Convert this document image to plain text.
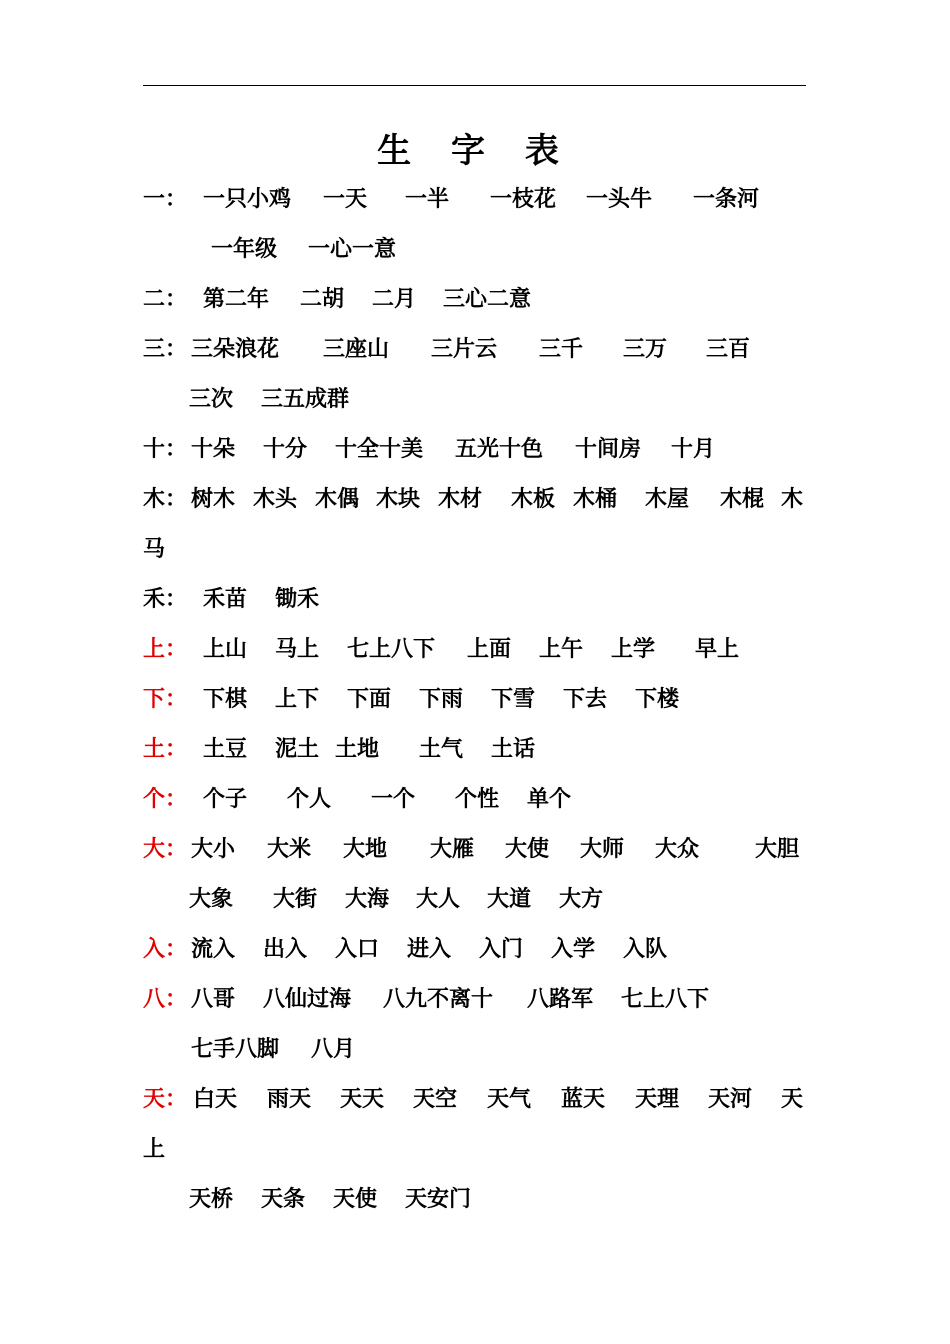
生 字 表
一 ： 一只小鸡 一天 一半 一枝花 一头牛 一条河
一年级 一心一意
二 ： 第二年 二胡 二月 三心二意
三 ： 三朵浪花 三座山 三片云 三千 三万 三百
三次 三五成群
十 ： 十朵 十分 十全十美 五光十色 十间房 十月
木 ： 树木 木头 木偶 木块 木材 木板 木桶 木屋 木棍 木
马
禾 ： 禾苗 锄禾
上 ： 上山 马上 七上八下 上面 上午 上学 早上
下 ： 下棋 上下 下面 下雨 下雪 下去 下楼
土 ： 土豆 泥土 土地 土气 土话
个 ： 个子 个人 一个 个性 单个
大 ： 大小 大米 大地 大雁 大使 大师 大众	大胆
大象 大街 大海 大人 大道 大方
入 ： 流入 出入 入口 进入 入门 入学 入队
八 ： 八哥 八仙过海 八九不离十 八路军 七上八下
七手八脚 八月
天 ： 白天 雨天 天天 天空 天气 蓝天 天理 天河 天
上
天桥 天条 天使 天安门
